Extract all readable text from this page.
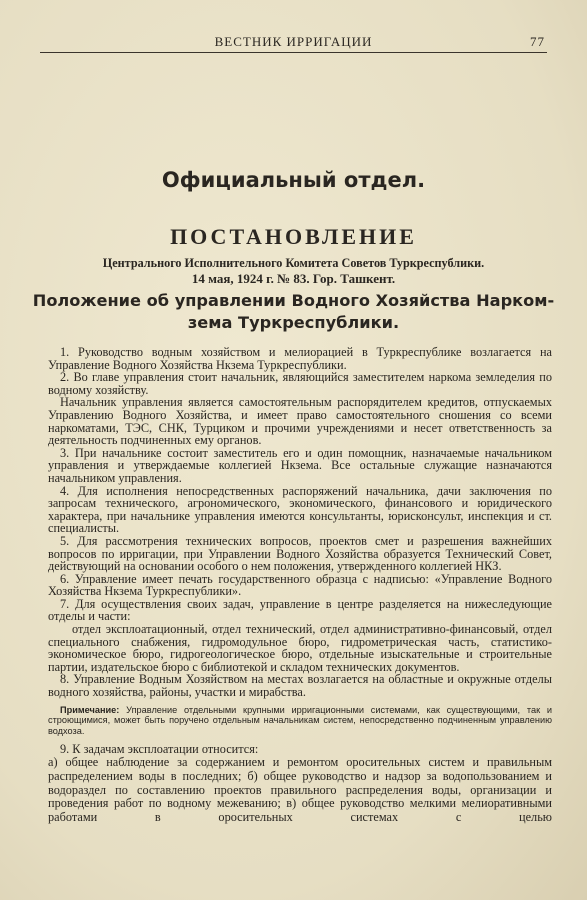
ВЕСТНИК ИРРИГАЦИИ	77
Официальный отдел.
ПОСТАНОВЛЕНИЕ
Центрального Исполнительного Комитета Советов Туркреспублики.
14 мая, 1924 г. № 83. Гор. Ташкент.
Положение об управлении Водного Хозяйства Нарком-
зема Туркреспублики.

1. Руководство водным хозяйством и мелиорацией в Туркреспублике возлагается на Управление Водного Хозяйства Нкзема Туркреспублики.

2. Во главе управления стоит начальник, являющийся заместителем наркома земледелия по водному хозяйству.

Начальник управления является самостоятельным распорядителем кредитов, отпускаемых Управлению Водного Хозяйства, и имеет право самостоятельного сношения со всеми наркоматами, ТЭС, СНК, Турциком и прочими учреждениями и несет ответственность за деятельность подчиненных ему органов.

3. При начальнике состоит заместитель его и один помощник, назначаемые начальником управления и утверждаемые коллегией Нкзема. Все остальные служащие назначаются начальником управления.

4. Для исполнения непосредственных распоряжений начальника, дачи заключения по запросам технического, агрономического, экономического, финансового и юридического характера, при начальнике управления имеются консультанты, юрисконсульт, инспекция и ст. специалисты.

5. Для рассмотрения технических вопросов, проектов смет и разрешения важнейших вопросов по ирригации, при Управлении Водного Хозяйства образуется Технический Совет, действующий на основании особого о нем положения, утвержденного коллегией НКЗ.

6. Управление имеет печать государственного образца с надписью: «Управление Водного Хозяйства Нкзема Туркреспублики».

7. Для осуществления своих задач, управление в центре разделяется на нижеследующие отделы и части:

отдел эксплоатационный, отдел технический, отдел административно-финансовый, отдел специального снабжения, гидромодульное бюро, гидрометрическая часть, статистико-экономическое бюро, гидрогеологическое бюро, отдельные изыскательные и строительные партии, издательское бюро с библиотекой и складом технических документов.

8. Управление Водным Хозяйством на местах возлагается на областные и окружные отделы водного хозяйства, районы, участки и мирабства.

Примечание: Управление отдельными крупными ирригационными системами, как существующими, так и строющимися, может быть поручено отдельным начальникам систем, непосредственно подчиненным управлению водхоза.

9. К задачам эксплоатации относится:

а) общее наблюдение за содержанием и ремонтом оросительных систем и правильным распределением воды в последних; б) общее руководство и надзор за водопользованием и водораздел по составлению проектов правильного распределения воды, организации и проведения работ по водному межеванию; в) общее руководство мелкими мелиоративными работами в оросительных системах с целью
